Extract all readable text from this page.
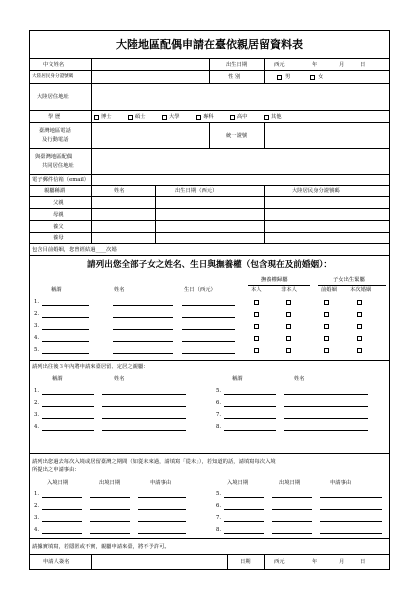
大陸地區配偶申請在臺依親居留資料表
中文姓名	出生日期	西元	年	月	日
大陸居民身分證號碼	性 別	男	女
大陸居住地址
學 歷	博士	碩士	大學	專科	高中	其他
臺灣地區電話
及行動電話
統一證號
與臺灣地區配偶
共同居住地址
電子郵件信箱（email）
親屬稱謂	姓名	出生日期（西元）	大陸居民身分證號碼
父親
母親
養父
養母
包含目前婚姻，您曾經結過____次婚
請列出您全部子女之姓名、生日與撫養權（包含現在及前婚姻）：
撫養權歸屬	子女出生緊屬
稱謂	姓名	生日（西元）	本人	非本人	前婚姻 本次婚姻
1.
2.
3.
4.
5.
請列出往後３年內將申請來臺居留、定居之親屬：
稱謂	姓名	稱謂	姓名
1.	5.
2.	6.
3.	7.
4.	8.
請列出您過去每次入境或居留臺灣之期間（如從未來過，請填寫「從未」），若知道的話，請填寫每次入境
所提出之申請事由：
入境日期	出境日期	申請事由	入境日期	出境日期	申請事由
1.	5.
2.	6.
3.	7.
4.	8.
請據實填寫，若隱匿或不實，親屬申請來臺，將不予許可。
申請人簽名	日期	西元	年	月	日
